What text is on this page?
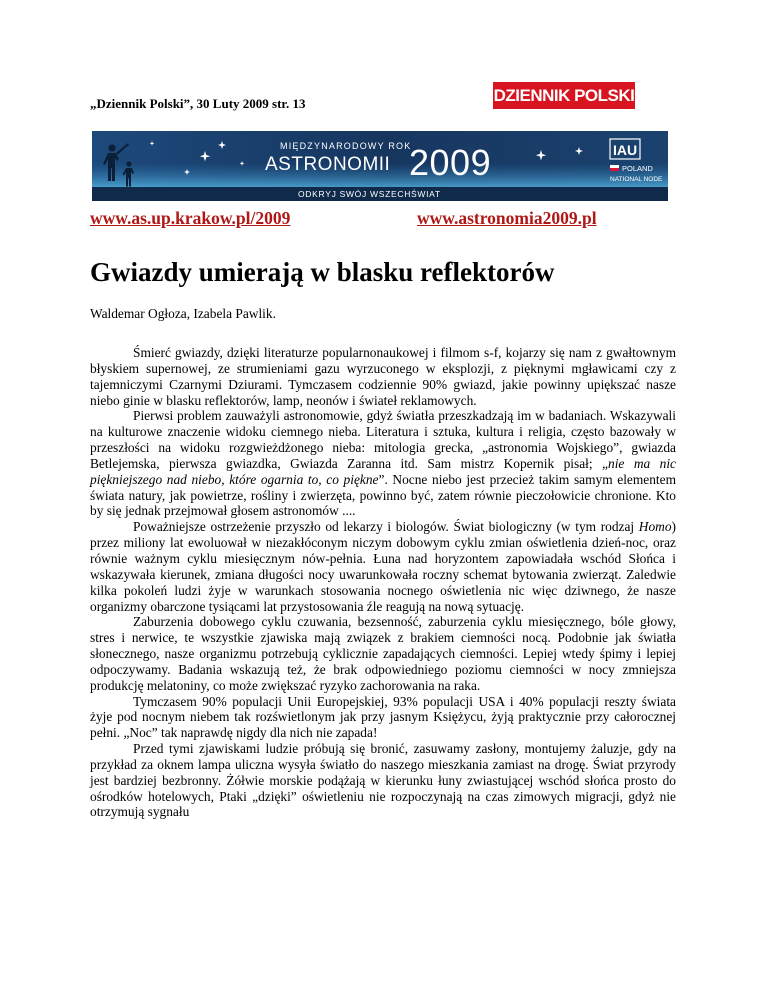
„Dziennik Polski”, 30 Luty 2009 str. 13	DZIENNIK POLSKI
MIĘDZYNARODOWY ROK
ASTRONOMII 2009
ODKRYJ SWÓJ WSZECHŚWIAT
IAU
POLAND
NATIONAL NODE
www.as.up.krakow.pl/2009	www.astronomia2009.pl
Gwiazdy umierają w blasku reflektorów
Waldemar Ogłoza, Izabela Pawlik.

Śmierć gwiazdy, dzięki literaturze popularnonaukowej i filmom s-f, kojarzy się nam z gwałtownym błyskiem supernowej, ze strumieniami gazu wyrzuconego w eksplozji, z pięknymi mgławicami czy z tajemniczymi Czarnymi Dziurami. Tymczasem codziennie 90% gwiazd, jakie powinny upiększać nasze niebo ginie w blasku reflektorów, lamp, neonów i świateł reklamowych.

Pierwsi problem zauważyli astronomowie, gdyż światła przeszkadzają im w badaniach. Wskazywali na kulturowe znaczenie widoku ciemnego nieba. Literatura i sztuka, kultura i religia, często bazowały w przeszłości na widoku rozgwieżdżonego nieba: mitologia grecka, „astronomia Wojskiego”, gwiazda Betlejemska, pierwsza gwiazdka, Gwiazda Zaranna itd. Sam mistrz Kopernik pisał; „nie ma nic piękniejszego nad niebo, które ogarnia to, co piękne”. Nocne niebo jest przecież takim samym elementem świata natury, jak powietrze, rośliny i zwierzęta, powinno być, zatem równie pieczołowicie chronione. Kto by się jednak przejmował głosem astronomów ....

Poważniejsze ostrzeżenie przyszło od lekarzy i biologów. Świat biologiczny (w tym rodzaj Homo) przez miliony lat ewoluował w niezakłóconym niczym dobowym cyklu zmian oświetlenia dzień-noc, oraz równie ważnym cyklu miesięcznym nów-pełnia. Łuna nad horyzontem zapowiadała wschód Słońca i wskazywała kierunek, zmiana długości nocy uwarunkowała roczny schemat bytowania zwierząt. Zaledwie kilka pokoleń ludzi żyje w warunkach stosowania nocnego oświetlenia nic więc dziwnego, że nasze organizmy obarczone tysiącami lat przystosowania źle reagują na nową sytuację.

Zaburzenia dobowego cyklu czuwania, bezsenność, zaburzenia cyklu miesięcznego, bóle głowy, stres i nerwice, te wszystkie zjawiska mają związek z brakiem ciemności nocą. Podobnie jak światła słonecznego, nasze organizmu potrzebują cyklicznie zapadających ciemności. Lepiej wtedy śpimy i lepiej odpoczywamy. Badania wskazują też, że brak odpowiedniego poziomu ciemności w nocy zmniejsza produkcję melatoniny, co może zwiększać ryzyko zachorowania na raka.

Tymczasem 90% populacji Unii Europejskiej, 93% populacji USA i 40% populacji reszty świata żyje pod nocnym niebem tak rozświetlonym jak przy jasnym Księżycu, żyją praktycznie przy całorocznej pełni. „Noc” tak naprawdę nigdy dla nich nie zapada!

Przed tymi zjawiskami ludzie próbują się bronić, zasuwamy zasłony, montujemy żaluzje, gdy na przykład za oknem lampa uliczna wysyła światło do naszego mieszkania zamiast na drogę. Świat przyrody jest bardziej bezbronny. Żółwie morskie podążają w kierunku łuny zwiastującej wschód słońca prosto do ośrodków hotelowych, Ptaki „dzięki” oświetleniu nie rozpoczynają na czas zimowych migracji, gdyż nie otrzymują sygnału
